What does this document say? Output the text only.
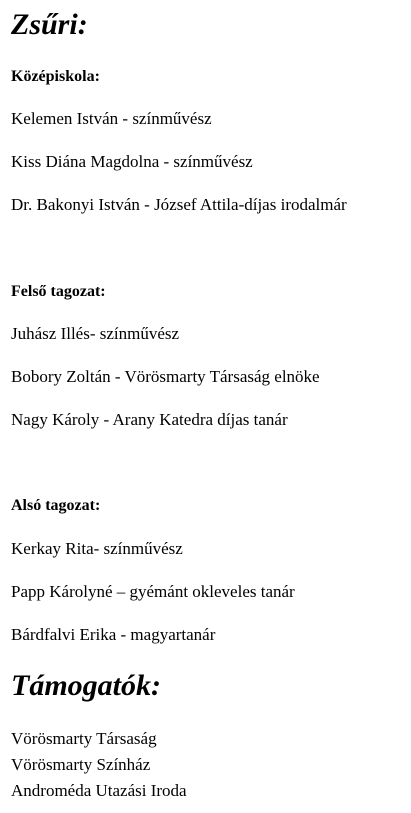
Zsűri:
Középiskola:
Kelemen István - színművész
Kiss Diána Magdolna - színművész
Dr. Bakonyi István - József Attila-díjas irodalmár
Felső tagozat:
Juhász Illés- színművész
Bobory Zoltán - Vörösmarty Társaság elnöke
Nagy Károly - Arany Katedra díjas tanár
Alsó tagozat:
Kerkay Rita- színművész
Papp Károlyné – gyémánt okleveles tanár
Bárdfalvi Erika - magyartanár
Támogatók:
Vörösmarty Társaság
Vörösmarty Színház
Androméda Utazási Iroda
